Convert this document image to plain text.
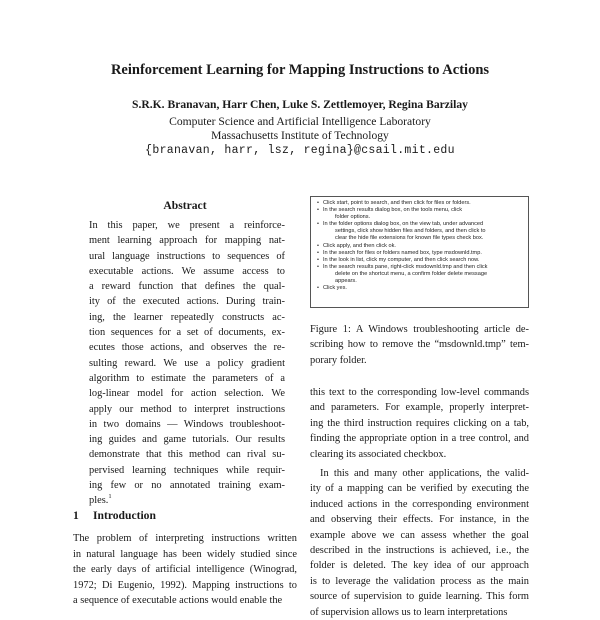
Reinforcement Learning for Mapping Instructions to Actions
S.R.K. Branavan, Harr Chen, Luke S. Zettlemoyer, Regina Barzilay
Computer Science and Artificial Intelligence Laboratory
Massachusetts Institute of Technology
{branavan, harr, lsz, regina}@csail.mit.edu
Abstract
In this paper, we present a reinforce-
ment learning approach for mapping nat-
ural language instructions to sequences of
executable actions. We assume access to
a reward function that defines the qual-
ity of the executed actions. During train-
ing, the learner repeatedly constructs ac-
tion sequences for a set of documents, ex-
ecutes those actions, and observes the re-
sulting reward. We use a policy gradient
algorithm to estimate the parameters of a
log-linear model for action selection. We
apply our method to interpret instructions
in two domains — Windows troubleshoot-
ing guides and game tutorials. Our results
demonstrate that this method can rival su-
pervised learning techniques while requir-
ing few or no annotated training exam-
ples.$^1$
1 Introduction
The problem of interpreting instructions written
in natural language has been widely studied since
the early days of artificial intelligence (Winograd,
1972; Di Eugenio, 1992). Mapping instructions to
a sequence of executable actions would enable the
• Click start, point to search, and then click for files or folders.
• In the search results dialog box, on the tools menu, click
folder options.
• In the folder options dialog box, on the view tab, under advanced
settings, click show hidden files and folders, and then click to
clear the hide file extensions for known file types check box.
• Click apply, and then click ok.
• In the search for files or folders named box, type msdownld.tmp.
• In the look in list, click my computer, and then click search now.
• In the search results pane, right-click msdownld.tmp and then click
delete on the shortcut menu, a confirm folder delete message
appears.
• Click yes.
Figure 1: A Windows troubleshooting article de-
scribing how to remove the “msdownld.tmp” tem-
porary folder.
this text to the corresponding low-level commands
and parameters. For example, properly interpret-
ing the third instruction requires clicking on a tab,
finding the appropriate option in a tree control, and
clearing its associated checkbox.
In this and many other applications, the valid-
ity of a mapping can be verified by executing the
induced actions in the corresponding environment
and observing their effects. For instance, in the
example above we can assess whether the goal
described in the instructions is achieved, i.e., the
folder is deleted. The key idea of our approach
is to leverage the validation process as the main
source of supervision to guide learning. This form
of supervision allows us to learn interpretations
